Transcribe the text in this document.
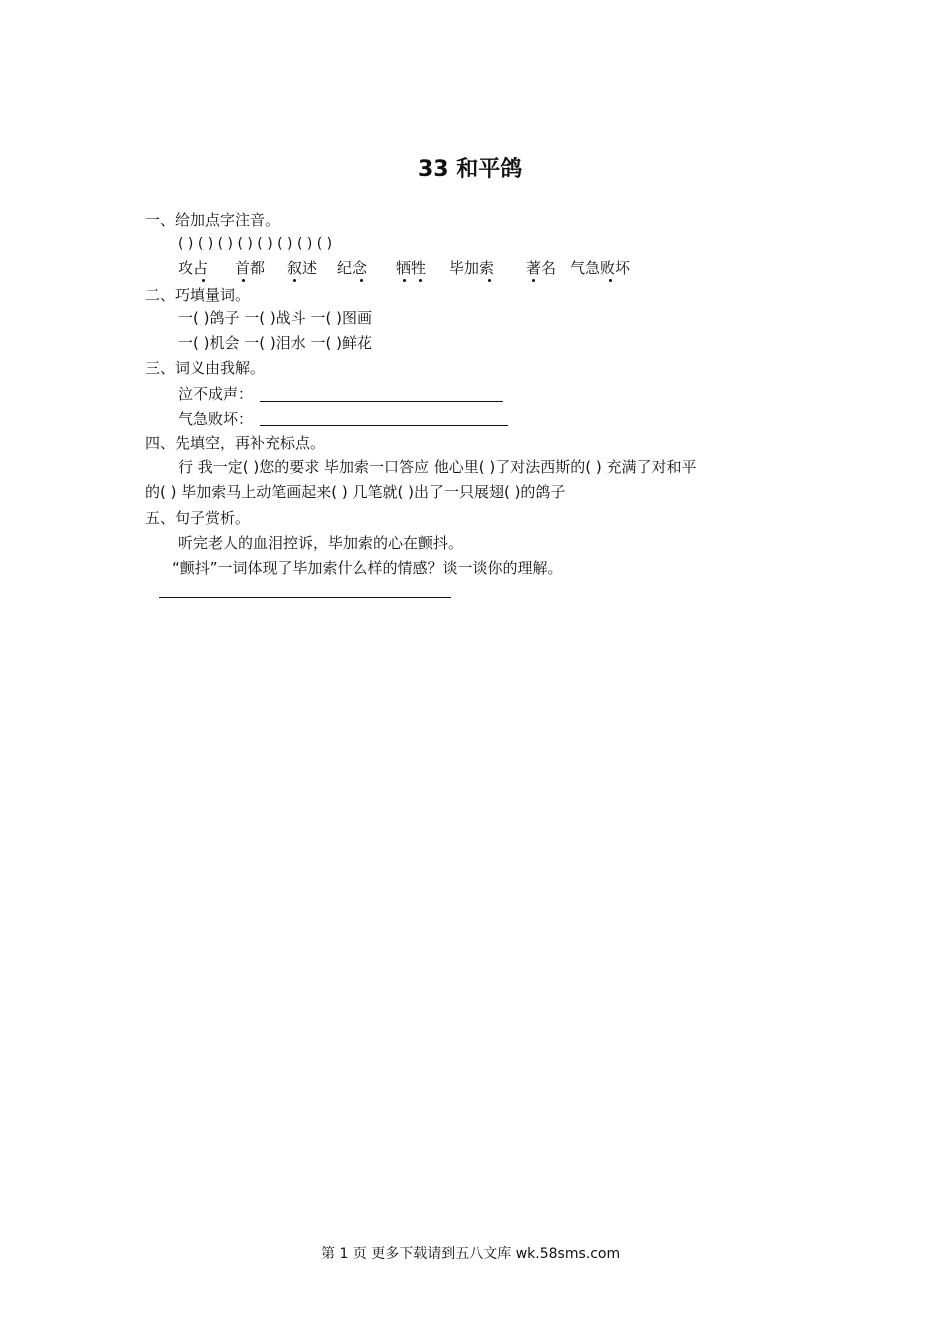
33 和平鸽
一、给加点字注音。
( ) ( ) ( ) ( ) ( ) ( ) ( ) ( )
攻占 首都 叙述 纪念 牺牲 毕加索 著名 气急败坏
二、巧填量词。
一( )鸽子 一( )战斗 一( )图画
一( )机会 一( )泪水 一( )鲜花
三、词义由我解。
泣不成声：
气急败坏：
四、先填空，再补充标点。
行 我一定( )您的要求 毕加索一口答应 他心里( )了对法西斯的( ) 充满了对和平
的( ) 毕加索马上动笔画起来( ) 几笔就( )出了一只展翅( )的鸽子
五、句子赏析。
听完老人的血泪控诉，毕加索的心在颤抖。
“颤抖”一词体现了毕加索什么样的情感？谈一谈你的理解。
第 1 页 更多下载请到五八文库 wk.58sms.com
